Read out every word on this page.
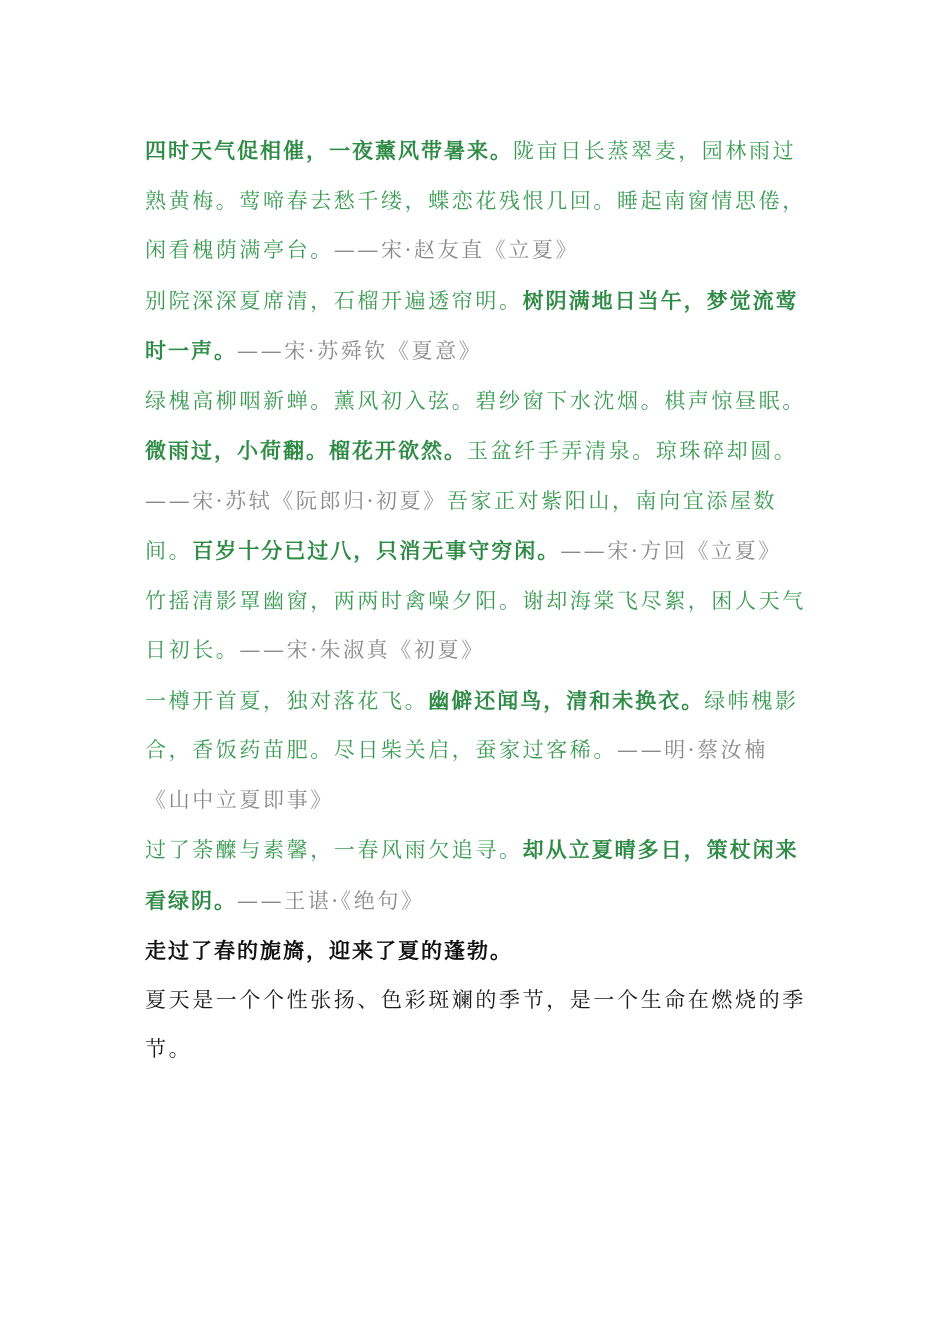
四时天气促相催，一夜薰风带暑来。陇亩日长蒸翠麦，园林雨过熟黄梅。莺啼春去愁千缕，蝶恋花残恨几回。睡起南窗情思倦，闲看槐荫满亭台。——宋·赵友直《立夏》

别院深深夏席清，石榴开遍透帘明。树阴满地日当午，梦觉流莺时一声。——宋·苏舜钦《夏意》

绿槐高柳咽新蝉。薰风初入弦。碧纱窗下水沈烟。棋声惊昼眠。

微雨过，小荷翻。榴花开欲然。玉盆纤手弄清泉。琼珠碎却圆。——宋·苏轼《阮郎归·初夏》吾家正对紫阳山，南向宜添屋数间。百岁十分已过八，只消无事守穷闲。——宋·方回《立夏》

竹摇清影罩幽窗，两两时禽噪夕阳。谢却海棠飞尽絮，困人天气日初长。——宋·朱淑真《初夏》

一樽开首夏，独对落花飞。幽僻还闻鸟，清和未换衣。绿帏槐影合，香饭药苗肥。尽日柴关启，蚕家过客稀。——明·蔡汝楠《山中立夏即事》

过了荼醾与素馨，一春风雨欠追寻。却从立夏晴多日，策杖闲来看绿阴。——王谌·《绝句》

走过了春的旎旖，迎来了夏的蓬勃。

夏天是一个个性张扬、色彩斑斓的季节，是一个生命在燃烧的季节。
